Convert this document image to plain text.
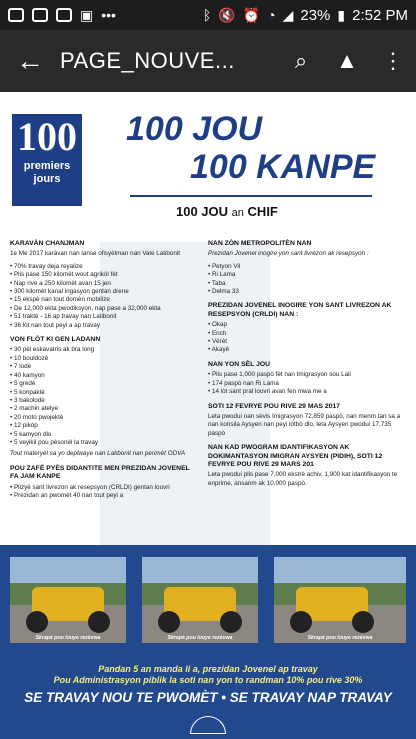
▣ •••	ᛒ 🔇 ⏰ ◔ ◢ 23% ▮ 2:52 PM
← PAGE_NOUVE...	⌕	▲	⋮
100
premiers
jours
100 JOU
100 KANPE
100 JOU an CHIF
KARAVÀN CHANJMAN

1e Me 2017 karàvan nan lanse ofisyèlman nan Vale Latibonit

• 70% travay deja reyalize
• Plis pase 150 kilomèt wout agrikòl fèt
• Nap rive a 250 kilomèt avan 15 jen
• 300 kilomèt kanal irigasyon gentan drene
• 15 ekspè nan tout domèn mobilize
• De 12,000 ekta pwodiksyon, nap pase a 32,000 ekta
• 51 traktè - 16 ap travay nan Latibonit
• 36 lòt nan tout peyi a ap travay
VON FLÒT KI GEN LADANN
• 30 pèl eskavatris ak bra long
• 10 bouldozè
• 7 lodè
• 40 kamyon
• 5 gredè
• 5 konpaktè
• 3 bakolodè
• 2 machin atelye
• 20 moto pwojektè
• 12 pikòp
• 5 kamyon dlo
• 5 veyikil pou pèsonèl la travay

Tout materyèl sa yo deplwaye nan Latibonit nan perimèt ODVA

POU ZAFÈ PYÈS DIDANTITE MEN PREZIDAN JOVENEL FA JAM KANPE
• Plizyè sant livrezon ak resepsyon (CRLDI) gentan louvri
• Prezidan an pwomèt 40 nan tout peyi a
NAN ZÒN METROPOLITÈN NAN

Prezidan Jovenel inogire yon sant livrezon ak resepsyon :

• Petyon Vil
• Ri Lama
• Taba
• Delma 33
PREZIDAN JOVENEL INOGIRE YON SANT LIVREZON AK RESEPSYON (CRLDI) NAN :
• Okap
• Ench
• Vèrèt
• Akayè
NAN YON SÈL JOU
• Plis pase 1,000 paspò fèt nan Imigrasyon sou Lali
• 174 paspò nan Ri Lama
• 14 lòt sant pral louvri avan fen mwa me a
SOTI 12 FEVRYE POU RIVE 29 MAS 2017

Leta pwodui nan sèvis Imigrasyon 72,859 paspò, nan menm tan sa a nan konsila Aysyen nan peyi lòtbò dlo, leta Aysyen pwodui 17,735 paspò

NAN KAD PWOGRAM IDANTIFIKASYON AK DOKIMANTASYON IMIGRAN AYSYEN (PIDIH), SOTI 12 FEVRYE POU RIVE 29 MARS 201

Leta pwodui plis pase 7,000 ekstrè achiv, 1,900 kat idantifikasyon te enprime, ansanm ak 10,000 paspò.

Skrapè pou louye rezèvwa	Skrapè pou louye rezèvwa	Skrapè pou louye rezèvwa
Pandan 5 an manda li a, prezidan Jovenel ap travay
Pou Administrasyon piblik la soti nan yon to randman 10% pou rive 30%
SE TRAVAY NOU TE PWOMÈT • SE TRAVAY NAP TRAVAY
